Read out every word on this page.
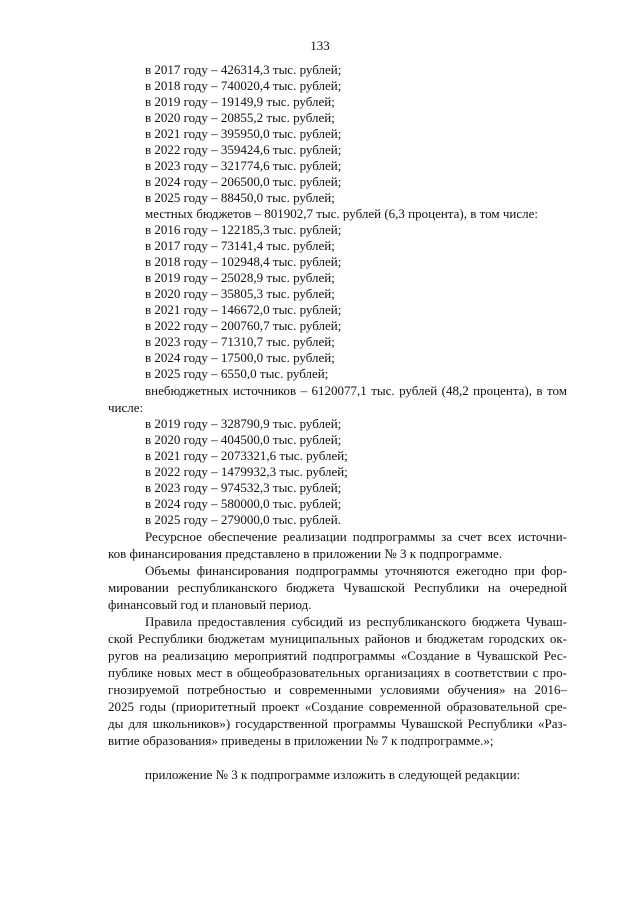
133
в 2017 году – 426314,3 тыс. рублей;
в 2018 году – 740020,4 тыс. рублей;
в 2019 году – 19149,9 тыс. рублей;
в 2020 году – 20855,2 тыс. рублей;
в 2021 году – 395950,0 тыс. рублей;
в 2022 году – 359424,6 тыс. рублей;
в 2023 году – 321774,6 тыс. рублей;
в 2024 году – 206500,0 тыс. рублей;
в 2025 году – 88450,0 тыс. рублей;
местных бюджетов – 801902,7 тыс. рублей (6,3 процента), в том числе:
в 2016 году – 122185,3 тыс. рублей;
в 2017 году – 73141,4 тыс. рублей;
в 2018 году – 102948,4 тыс. рублей;
в 2019 году – 25028,9 тыс. рублей;
в 2020 году – 35805,3 тыс. рублей;
в 2021 году – 146672,0 тыс. рублей;
в 2022 году – 200760,7 тыс. рублей;
в 2023 году – 71310,7 тыс. рублей;
в 2024 году – 17500,0 тыс. рублей;
в 2025 году – 6550,0 тыс. рублей;
внебюджетных источников – 6120077,1 тыс. рублей (48,2 процента), в том
числе:
в 2019 году – 328790,9 тыс. рублей;
в 2020 году – 404500,0 тыс. рублей;
в 2021 году – 2073321,6 тыс. рублей;
в 2022 году – 1479932,3 тыс. рублей;
в 2023 году – 974532,3 тыс. рублей;
в 2024 году – 580000,0 тыс. рублей;
в 2025 году – 279000,0 тыс. рублей.
Ресурсное обеспечение реализации подпрограммы за счет всех источни-
ков финансирования представлено в приложении № 3 к подпрограмме.
Объемы финансирования подпрограммы уточняются ежегодно при фор-
мировании республиканского бюджета Чувашской Республики на очередной
финансовый год и плановый период.
Правила предоставления субсидий из республиканского бюджета Чуваш-
ской Республики бюджетам муниципальных районов и бюджетам городских ок-
ругов на реализацию мероприятий подпрограммы «Создание в Чувашской Рес-
публике новых мест в общеобразовательных организациях в соответствии с про-
гнозируемой потребностью и современными условиями обучения» на 2016–
2025 годы (приоритетный проект «Создание современной образовательной сре-
ды для школьников») государственной программы Чувашской Республики «Раз-
витие образования» приведены в приложении № 7 к подпрограмме.»;
приложение № 3 к подпрограмме изложить в следующей редакции:
